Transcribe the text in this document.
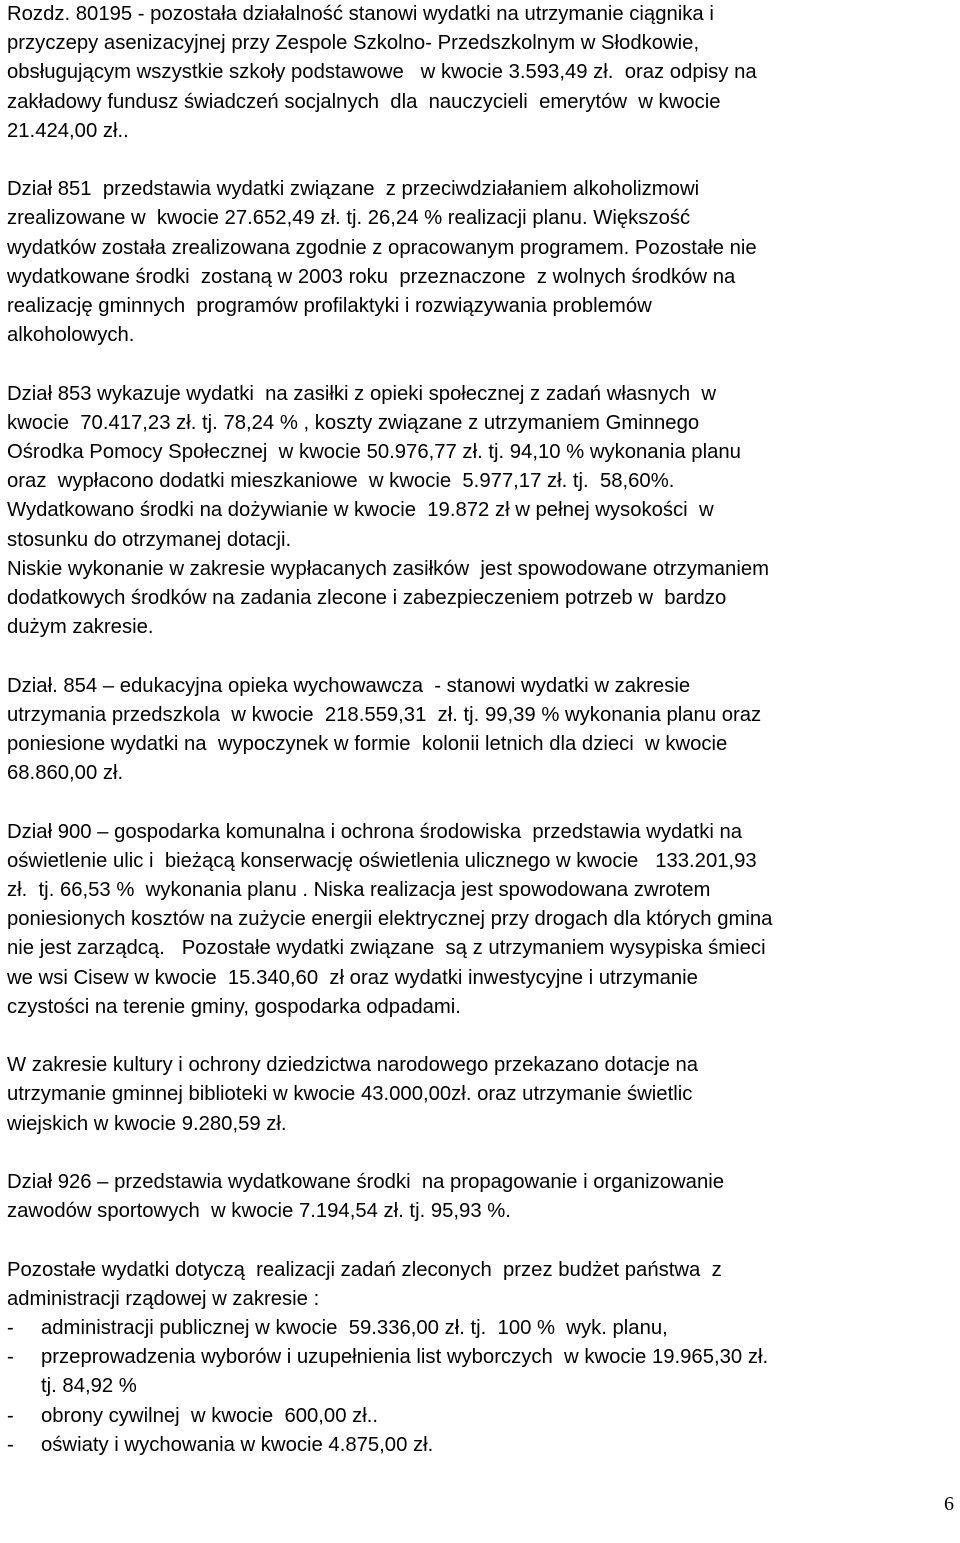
Rozdz. 80195 - pozostała działalność stanowi wydatki na utrzymanie ciągnika i
przyczepy asenizacyjnej przy Zespole Szkolno- Przedszkolnym w Słodkowie,
obsługującym wszystkie szkoły podstawowe   w kwocie 3.593,49 zł.  oraz odpisy na
zakładowy fundusz świadczeń socjalnych  dla  nauczycieli  emerytów  w kwocie
21.424,00 zł..
Dział 851  przedstawia wydatki związane  z przeciwdziałaniem alkoholizmowi
zrealizowane w  kwocie 27.652,49 zł. tj. 26,24 % realizacji planu. Większość
wydatków została zrealizowana zgodnie z opracowanym programem. Pozostałe nie
wydatkowane środki  zostaną w 2003 roku  przeznaczone  z wolnych środków na
realizację gminnych  programów profilaktyki i rozwiązywania problemów
alkoholowych.
Dział 853 wykazuje wydatki  na zasiłki z opieki społecznej z zadań własnych  w
kwocie  70.417,23 zł. tj. 78,24 % , koszty związane z utrzymaniem Gminnego
Ośrodka Pomocy Społecznej  w kwocie 50.976,77 zł. tj. 94,10 % wykonania planu
oraz  wypłacono dodatki mieszkaniowe  w kwocie  5.977,17 zł. tj.  58,60%.
Wydatkowano środki na dożywianie w kwocie  19.872 zł w pełnej wysokości  w
stosunku do otrzymanej dotacji.
Niskie wykonanie w zakresie wypłacanych zasiłków  jest spowodowane otrzymaniem
dodatkowych środków na zadania zlecone i zabezpieczeniem potrzeb w  bardzo
dużym zakresie.
Dział. 854 – edukacyjna opieka wychowawcza  - stanowi wydatki w zakresie
utrzymania przedszkola  w kwocie  218.559,31  zł. tj. 99,39 % wykonania planu oraz
poniesione wydatki na  wypoczynek w formie  kolonii letnich dla dzieci  w kwocie
68.860,00 zł.
Dział 900 – gospodarka komunalna i ochrona środowiska  przedstawia wydatki na
oświetlenie ulic i  bieżącą konserwację oświetlenia ulicznego w kwocie   133.201,93
zł.  tj. 66,53 %  wykonania planu . Niska realizacja jest spowodowana zwrotem
poniesionych kosztów na zużycie energii elektrycznej przy drogach dla których gmina
nie jest zarządcą.   Pozostałe wydatki związane  są z utrzymaniem wysypiska śmieci
we wsi Cisew w kwocie  15.340,60  zł oraz wydatki inwestycyjne i utrzymanie
czystości na terenie gminy, gospodarka odpadami.
W zakresie kultury i ochrony dziedzictwa narodowego przekazano dotacje na
utrzymanie gminnej biblioteki w kwocie 43.000,00zł. oraz utrzymanie świetlic
wiejskich w kwocie 9.280,59 zł.
Dział 926 – przedstawia wydatkowane środki  na propagowanie i organizowanie
zawodów sportowych  w kwocie 7.194,54 zł. tj. 95,93 %.
Pozostałe wydatki dotyczą  realizacji zadań zleconych  przez budżet państwa  z
administracji rządowej w zakresie :
- administracji publicznej w kwocie  59.336,00 zł. tj.  100 %  wyk. planu,
- przeprowadzenia wyborów i uzupełnienia list wyborczych  w kwocie 19.965,30 zł.
tj. 84,92 %
- obrony cywilnej  w kwocie  600,00 zł..
- oświaty i wychowania w kwocie 4.875,00 zł.
6
